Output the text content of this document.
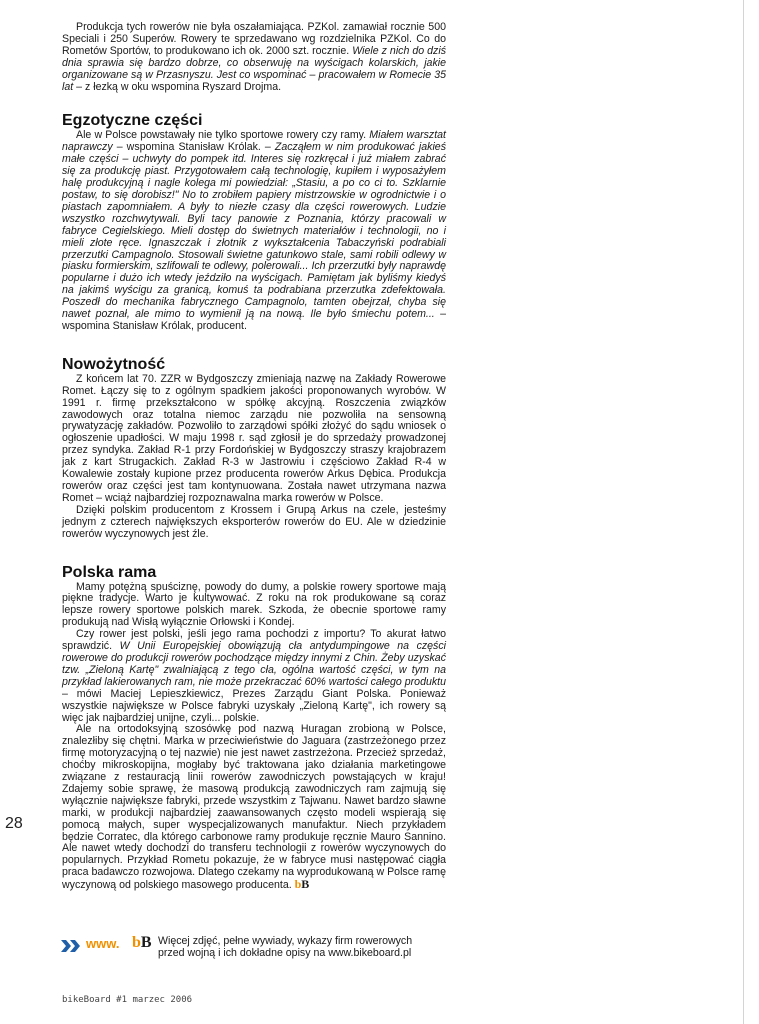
Produkcja tych rowerów nie była oszałamiająca. PZKol. zamawiał rocznie 500 Speciali i 250 Superów. Rowery te sprzedawano wg rozdzielnika PZKol. Co do Rometów Sportów, to produkowano ich ok. 2000 szt. rocznie. Wiele z nich do dziś dnia sprawia się bardzo dobrze, co obserwuję na wyścigach kolarskich, jakie organizowane są w Przasnyszu. Jest co wspominać – pracowałem w Romecie 35 lat – z łezką w oku wspomina Ryszard Drojma.

Egzotyczne części

Ale w Polsce powstawały nie tylko sportowe rowery czy ramy. Miałem warsztat naprawczy – wspomina Stanisław Królak. – Zacząłem w nim produkować jakieś małe części – uchwyty do pompek itd. Interes się rozkręcał i już miałem zabrać się za produkcję piast. Przygotowałem całą technologię, kupiłem i wyposażyłem halę produkcyjną i nagle kolega mi powiedział: „Stasiu, a po co ci to. Szklarnie postaw, to się dorobisz!" No to zrobiłem papiery mistrzowskie w ogrodnictwie i o piastach zapomniałem. A były to niezłe czasy dla części rowerowych. Ludzie wszystko rozchwytywali. Byli tacy panowie z Poznania, którzy pracowali w fabryce Cegielskiego. Mieli dostęp do świetnych materiałów i technologii, no i mieli złote ręce. Ignaszczak i złotnik z wykształcenia Tabaczyński podrabiali przerzutki Campagnolo. Stosowali świetne gatunkowo stale, sami robili odlewy w piasku formierskim, szlifowali te odlewy, polerowali... Ich przerzutki były naprawdę popularne i dużo ich wtedy jeździło na wyścigach. Pamiętam jak byliśmy kiedyś na jakimś wyścigu za granicą, komuś ta podrabiana przerzutka zdefektowała. Poszedł do mechanika fabrycznego Campagnolo, tamten obejrzał, chyba się nawet poznał, ale mimo to wymienił ją na nową. Ile było śmiechu potem... – wspomina Stanisław Królak, producent.

Nowożytność

Z końcem lat 70. ZZR w Bydgoszczy zmieniają nazwę na Zakłady Rowerowe Romet. Łączy się to z ogólnym spadkiem jakości proponowanych wyrobów. W 1991 r. firmę przekształcono w spółkę akcyjną. Roszczenia związków zawodowych oraz totalna niemoc zarządu nie pozwoliła na sensowną prywatyzację zakładów. Pozwoliło to zarządowi spółki złożyć do sądu wniosek o ogłoszenie upadłości. W maju 1998 r. sąd zgłosił je do sprzedaży prowadzonej przez syndyka. Zakład R-1 przy Fordońskiej w Bydgoszczy straszy krajobrazem jak z kart Strugackich. Zakład R-3 w Jastrowiu i częściowo Zakład R-4 w Kowalewie zostały kupione przez producenta rowerów Arkus Dębica. Produkcja rowerów oraz części jest tam kontynuowana. Została nawet utrzymana nazwa Romet – wciąż najbardziej rozpoznawalna marka rowerów w Polsce.

Dzięki polskim producentom z Krossem i Grupą Arkus na czele, jesteśmy jednym z czterech największych eksporterów rowerów do EU. Ale w dziedzinie rowerów wyczynowych jest źle.

Polska rama

Mamy potężną spuściznę, powody do dumy, a polskie rowery sportowe mają piękne tradycje. Warto je kultywować. Z roku na rok produkowane są coraz lepsze rowery sportowe polskich marek. Szkoda, że obecnie sportowe ramy produkują nad Wisłą wyłącznie Orłowski i Kondej.

Czy rower jest polski, jeśli jego rama pochodzi z importu? To akurat łatwo sprawdzić. W Unii Europejskiej obowiązują cła antydumpingowe na części rowerowe do produkcji rowerów pochodzące między innymi z Chin. Żeby uzyskać tzw. „Zieloną Kartę" zwalniającą z tego cła, ogólna wartość części, w tym na przykład lakierowanych ram, nie może przekraczać 60% wartości całego produktu – mówi Maciej Lepieszkiewicz, Prezes Zarządu Giant Polska. Ponieważ wszystkie największe w Polsce fabryki uzyskały „Zieloną Kartę", ich rowery są więc jak najbardziej unijne, czyli... polskie.

Ale na ortodoksyjną szosówkę pod nazwą Huragan zrobioną w Polsce, znalezłiby się chętni. Marka w przeciwieństwie do Jaguara (zastrzeżonego przez firmę motoryzacyjną o tej nazwie) nie jest nawet zastrzeżona. Przecież sprzedaż, choćby mikroskopijna, mogłaby być traktowana jako działania marketingowe związane z restauracją linii rowerów zawodniczych powstających w kraju! Zdajemy sobie sprawę, że masową produkcją zawodniczych ram zajmują się wyłącznie największe fabryki, przede wszystkim z Tajwanu. Nawet bardzo sławne marki, w produkcji najbardziej zaawansowanych często modeli wspierają się pomocą małych, super wyspecjalizowanych manufaktur. Niech przykładem będzie Corratec, dla którego carbonowe ramy produkuje ręcznie Mauro Sannino. Ale nawet wtedy dochodzi do transferu technologii z rowerów wyczynowych do popularnych. Przykład Rometu pokazuje, że w fabryce musi następować ciągła praca badawczo rozwojowa. Dlatego czekamy na wyprodukowaną w Polsce ramę wyczynową od polskiego masowego producenta. bB

28
www. bB Więcej zdjęć, pełne wywiady, wykazy firm rowerowych przed wojną i ich dokładne opisy na www.bikeboard.pl
bikeBoard #1 marzec 2006
